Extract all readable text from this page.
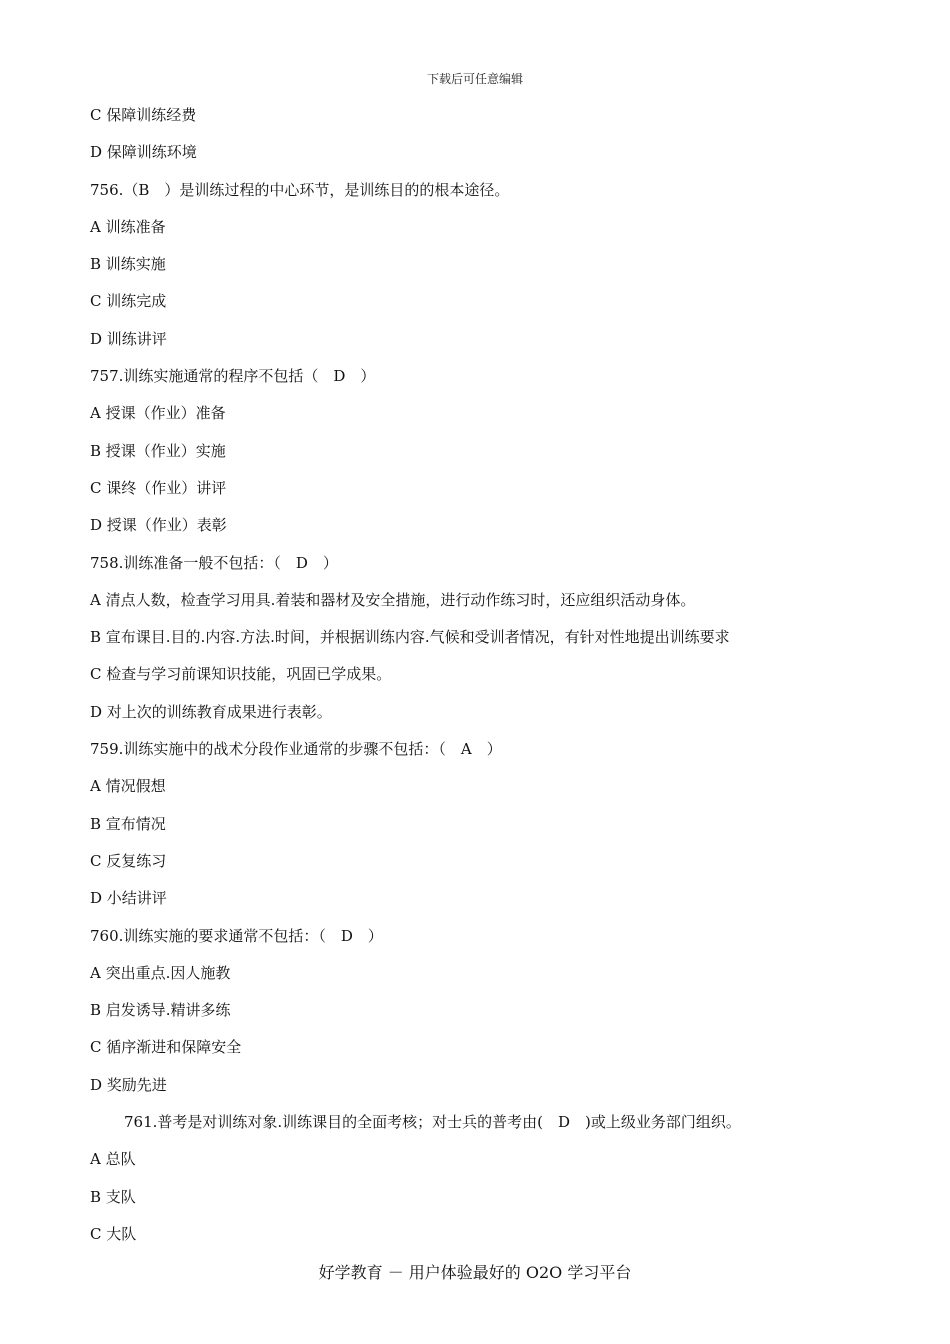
下载后可任意编辑
C 保障训练经费
D 保障训练环境
756.（B　）是训练过程的中心环节，是训练目的的根本途径。
A 训练准备
B 训练实施
C 训练完成
D 训练讲评
757.训练实施通常的程序不包括（　D　）
A 授课（作业）准备
B 授课（作业）实施
C 课终（作业）讲评
D 授课（作业）表彰
758.训练准备一般不包括：（　D　）
A 清点人数，检查学习用具.着装和器材及安全措施，进行动作练习时，还应组织活动身体。
B 宣布课目.目的.内容.方法.时间，并根据训练内容.气候和受训者情况，有针对性地提出训练要求
C 检查与学习前课知识技能，巩固已学成果。
D 对上次的训练教育成果进行表彰。
759.训练实施中的战术分段作业通常的步骤不包括：（　A　）
A 情况假想
B 宣布情况
C 反复练习
D 小结讲评
760.训练实施的要求通常不包括：（　D　）
A 突出重点.因人施教
B 启发诱导.精讲多练
C 循序渐进和保障安全
D 奖励先进
761.普考是对训练对象.训练课目的全面考核；对士兵的普考由(　D　)或上级业务部门组织。
A 总队
B 支队
C 大队
好学教育 － 用户体验最好的 O2O 学习平台
